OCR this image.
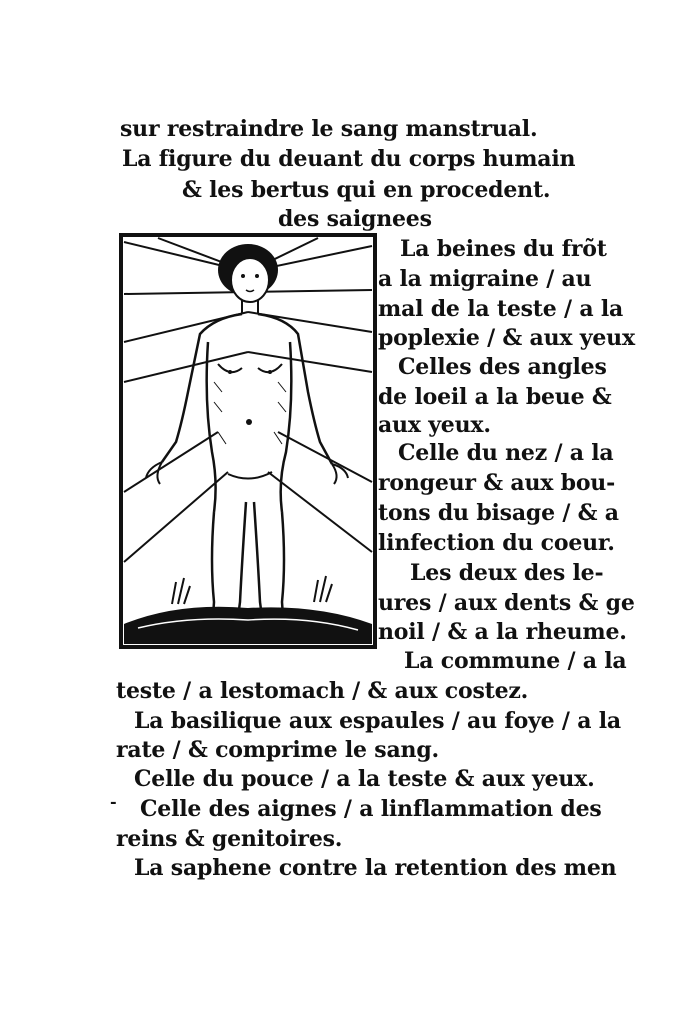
sur restraindre le sang manstrual.
La figure du deuant du corps humain
& les bertus qui en procedent.
des saignees
La beines du frõt
a la migraine / au
mal de la teste / a la
poplexie / & aux yeux
Celles des angles
de loeil a la beue &
aux yeux.
Celle du nez / a la
rongeur & aux bou-
tons du bisage / & a
linfection du coeur.
Les deux des le-
ures / aux dents & ge
noil / & a la rheume.
La commune / a la
teste / a lestomach / & aux costez.
La basilique aux espaules / au foye / a la
rate / & comprime le sang.
Celle du pouce / a la teste & aux yeux.
- Celle des aignes / a linflammation des
reins & genitoires.
La saphene contre la retention des men
